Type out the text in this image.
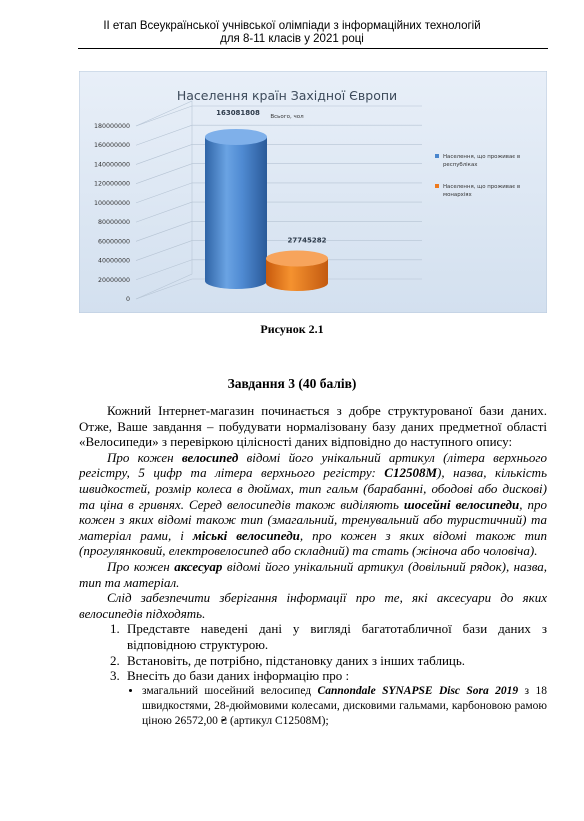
ІІ етап Всеукраїнської учнівської олімпіади з інформаційних технологій
для 8-11 класів у 2021 році
0
20000000
40000000
60000000
80000000
100000000
120000000
140000000
160000000
180000000
163081808
27745282
Населення країн Західної Європи
Всього, чол
Населення, що проживає в республіках
Населення, що проживає в монархіях
Рисунок 2.1
Завдання 3 (40 балів)

Кожний Інтернет-магазин починається з добре структурованої бази даних. Отже, Ваше завдання – побудувати нормалізовану базу даних предметної області «Велосипеди» з перевіркою цілісності даних відповідно до наступного опису:

Про кожен велосипед відомі його унікальний артикул (літера верхнього регістру, 5 цифр та літера верхнього регістру: C12508M), назва, кількість швидкостей, розмір колеса в дюймах, тип гальм (барабанні, ободові або дискові) та ціна в гривнях. Серед велосипедів також виділяють шосейні велосипеди, про кожен з яких відомі також тип (змагальний, тренувальний або туристичний) та матеріал рами, і міські велосипеди, про кожен з яких відомі також тип (прогулянковий, електровелосипед або складний) та стать (жіноча або чоловіча).

Про кожен аксесуар відомі його унікальний артикул (довільний рядок), назва, тип та матеріал.

Слід забезпечити зберігання інформації про те, які аксесуари до яких велосипедів підходять.

1. Представте наведені дані у вигляді багатотабличної бази даних з відповідною структурою.
2. Встановіть, де потрібно, підстановку даних з інших таблиць.
3. Внесіть до бази даних інформацію про :
• змагальний шосейний велосипед Cannondale SYNAPSE Disc Sora 2019 з 18 швидкостями, 28-дюймовими колесами, дисковими гальмами, карбоновою рамою ціною 26572,00 ₴ (артикул C12508M);
